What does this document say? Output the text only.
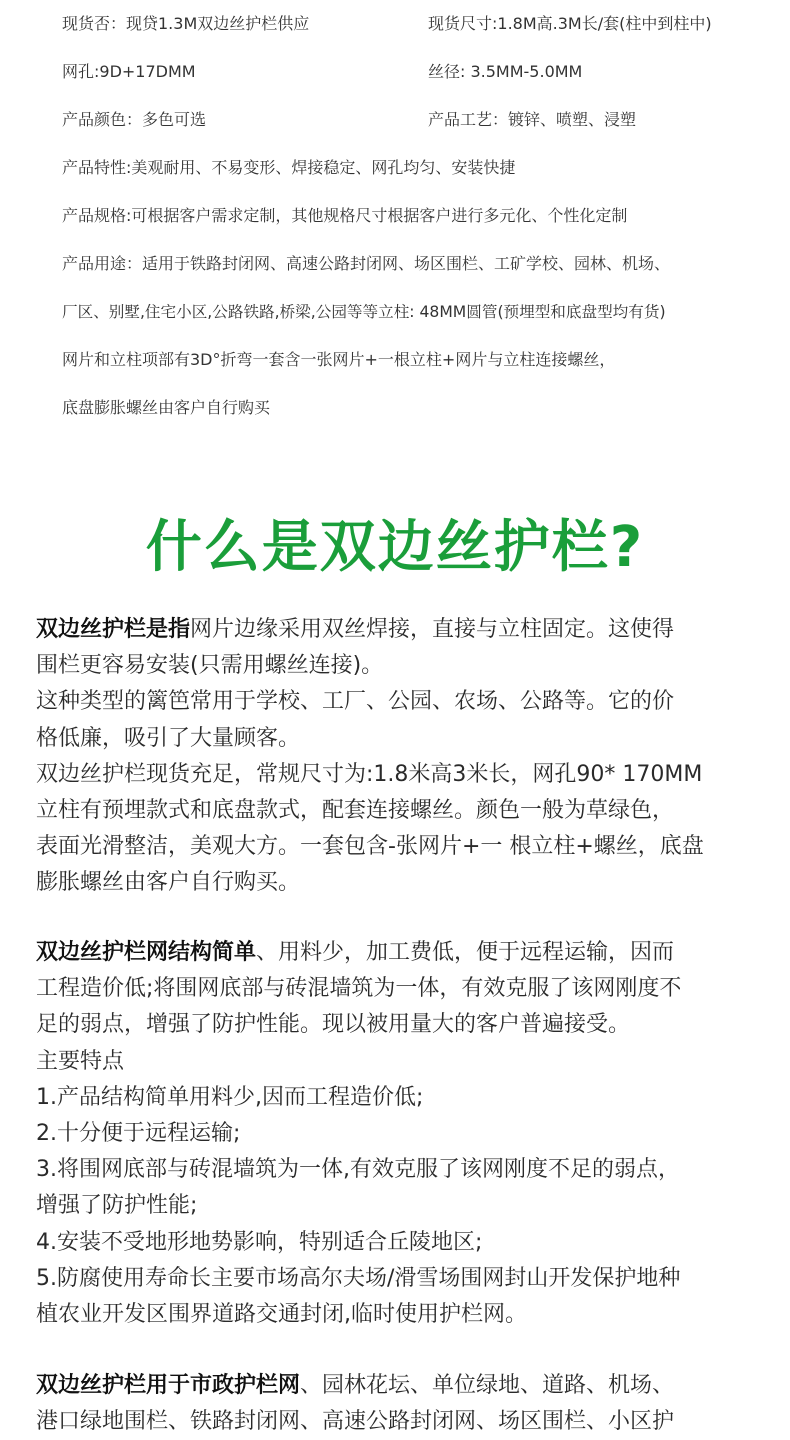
现货否：现贷1.3M双边丝护栏供应	现货尺寸:1.8M高.3M长/套(柱中到柱中)
网孔:9D+17DMM	丝径: 3.5MM-5.0MM
产品颜色：多色可选	产品工艺：镀锌、喷塑、浸塑
产品特性:美观耐用、不易变形、焊接稳定、网孔均匀、安装快捷
产品规格:可根据客户需求定制，其他规格尺寸根据客户进行多元化、个性化定制
产品用途：适用于铁路封闭网、高速公路封闭网、场区围栏、工矿学校、园林、机场、
厂区、别墅,住宅小区,公路铁路,桥梁,公园等等立柱: 48MM圆管(预埋型和底盘型均有货)
网片和立柱项部有3D°折弯一套含一张网片+一根立柱+网片与立柱连接螺丝，
底盘膨胀螺丝由客户自行购买
什么是双边丝护栏?

双边丝护栏是指网片边缘采用双丝焊接，直接与立柱固定。这使得

围栏更容易安装(只需用螺丝连接)。

这种类型的篱笆常用于学校、工厂、公园、农场、公路等。它的价

格低廉，吸引了大量顾客。

双边丝护栏现货充足，常规尺寸为:1.8米高3米长，网孔90* 170MM

立柱有预埋款式和底盘款式，配套连接螺丝。颜色一般为草绿色，

表面光滑整洁，美观大方。一套包含-张网片+一 根立柱+螺丝，底盘

膨胀螺丝由客户自行购买。

双边丝护栏网结构简单、用料少，加工费低，便于远程运输，因而

工程造价低;将围网底部与砖混墙筑为一体，有效克服了该网刚度不

足的弱点，增强了防护性能。现以被用量大的客户普遍接受。

主要特点

1.产品结构简单用料少,因而工程造价低;

2.十分便于远程运输;

3.将围网底部与砖混墙筑为一体,有效克服了该网刚度不足的弱点，

增强了防护性能;

4.安装不受地形地势影响，特别适合丘陵地区;

5.防腐使用寿命长主要市场高尔夫场/滑雪场围网封山开发保护地种

植农业开发区围界道路交通封闭,临时使用护栏网。

双边丝护栏用于市政护栏网、园林花坛、单位绿地、道路、机场、

港口绿地围栏、铁路封闭网、高速公路封闭网、场区围栏、小区护
